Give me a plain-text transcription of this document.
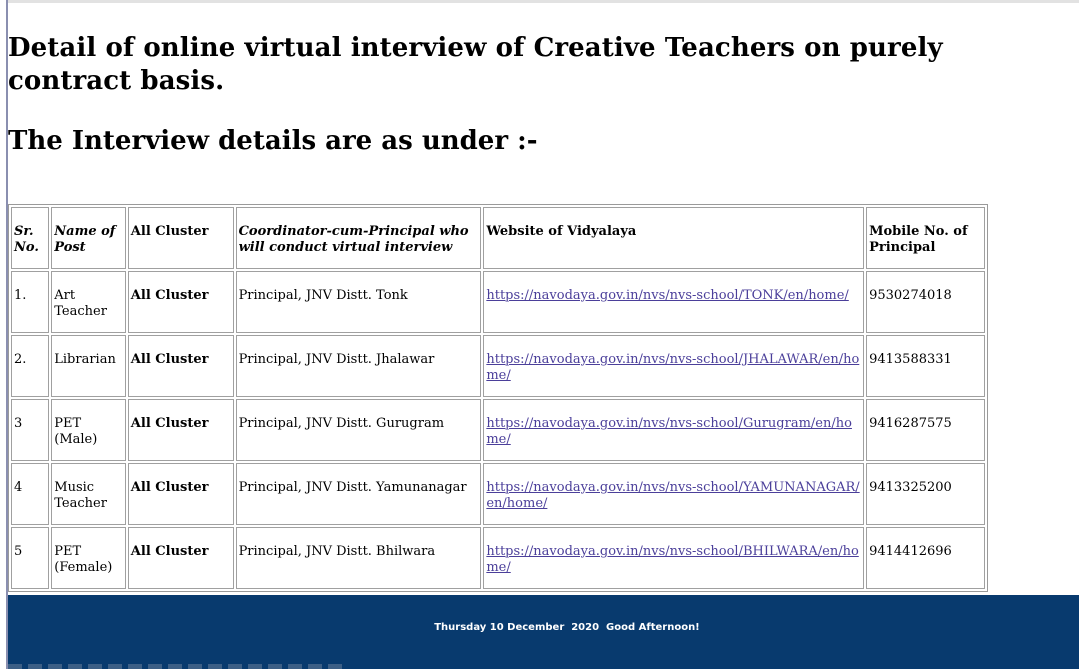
Detail of online virtual interview of Creative Teachers on purely contract basis.
The Interview details are as under :-
Sr. No.	Name of Post	All Cluster	Coordinator-cum-Principal who will conduct virtual interview	Website of Vidyalaya	Mobile No. of Principal
1.	Art Teacher	All Cluster	Principal, JNV Distt. Tonk	https://navodaya.gov.in/nvs/nvs-school/TONK/en/home/	9530274018
2.	Librarian	All Cluster	Principal, JNV Distt. Jhalawar	https://navodaya.gov.in/nvs/nvs-school/JHALAWAR/en/home/	9413588331
3	PET (Male)	All Cluster	Principal, JNV Distt. Gurugram	https://navodaya.gov.in/nvs/nvs-school/Gurugram/en/home/	9416287575
4	Music Teacher	All Cluster	Principal, JNV Distt. Yamunanagar	https://navodaya.gov.in/nvs/nvs-school/YAMUNANAGAR/en/home/	9413325200
5	PET (Female)	All Cluster	Principal, JNV Distt. Bhilwara	https://navodaya.gov.in/nvs/nvs-school/BHILWARA/en/home/	9414412696
Thursday 10 December  2020 Good Afternoon!
